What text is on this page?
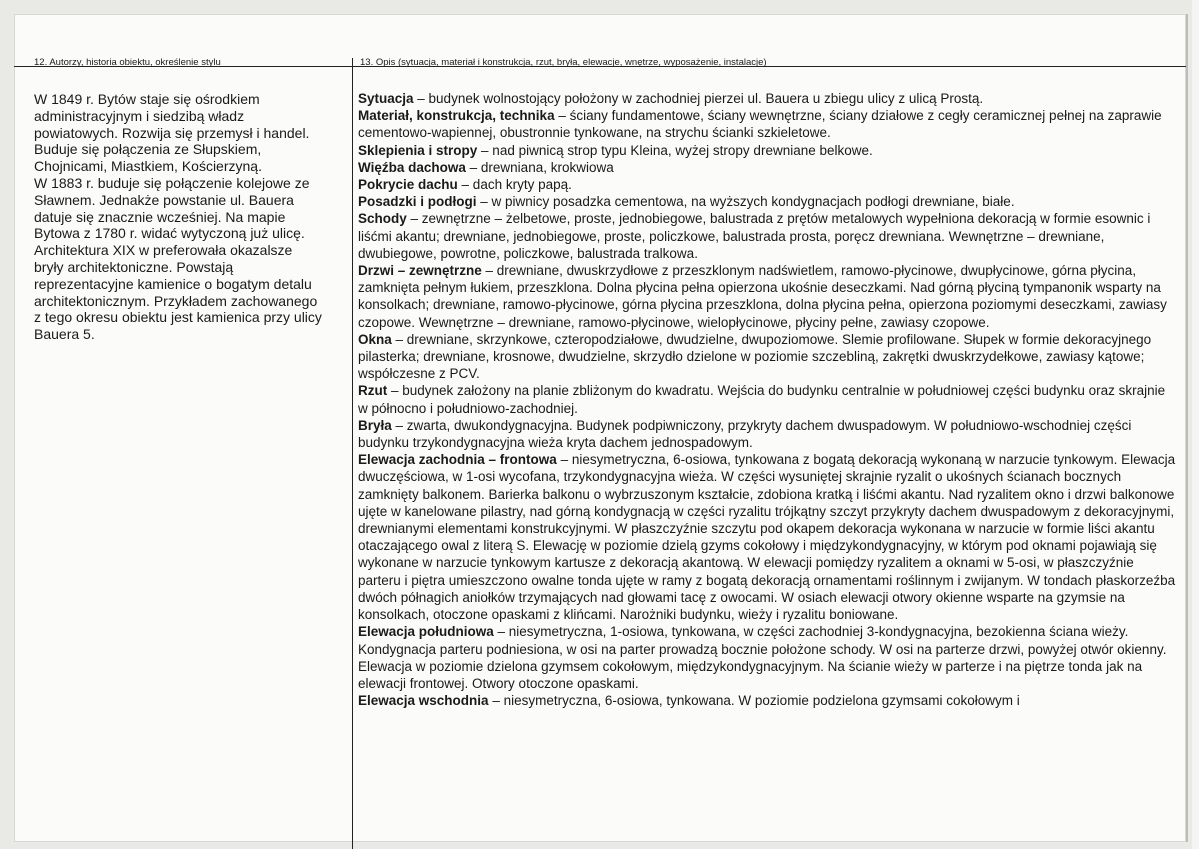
12. Autorzy, historia obiektu, określenie stylu	13. Opis (sytuacja, materiał i konstrukcja, rzut, bryła, elewacje, wnętrze, wyposażenie, instalacje)
W 1849 r. Bytów staje się ośrodkiem
administracyjnym i siedzibą władz
powiatowych. Rozwija się przemysł i handel.
Buduje się połączenia ze Słupskiem,
Chojnicami, Miastkiem, Kościerzyną.
W 1883 r. buduje się połączenie kolejowe ze
Sławnem. Jednakże powstanie ul. Bauera
datuje się znacznie wcześniej. Na mapie
Bytowa z 1780 r. widać wytyczoną już ulicę.
Architektura XIX w preferowała okazalsze
bryły architektoniczne. Powstają
reprezentacyjne kamienice o bogatym detalu
architektonicznym. Przykładem zachowanego
z tego okresu obiektu jest kamienica przy ulicy
Bauera 5.

Sytuacja – budynek wolnostojący położony w zachodniej pierzei ul. Bauera u zbiegu ulicy z ulicą Prostą.

Materiał, konstrukcja, technika – ściany fundamentowe, ściany wewnętrzne, ściany działowe z cegły ceramicznej pełnej na zaprawie cementowo-wapiennej, obustronnie tynkowane, na strychu ścianki szkieletowe.

Sklepienia i stropy – nad piwnicą strop typu Kleina, wyżej stropy drewniane belkowe.

Więźba dachowa – drewniana, krokwiowa

Pokrycie dachu – dach kryty papą.

Posadzki i podłogi – w piwnicy posadzka cementowa, na wyższych kondygnacjach podłogi drewniane, białe.

Schody – zewnętrzne – żelbetowe, proste, jednobiegowe, balustrada z prętów metalowych wypełniona dekoracją w formie esownic i liśćmi akantu; drewniane, jednobiegowe, proste, policzkowe, balustrada prosta, poręcz drewniana. Wewnętrzne – drewniane, dwubiegowe, powrotne, policzkowe, balustrada tralkowa.

Drzwi – zewnętrzne – drewniane, dwuskrzydłowe z przeszklonym nadświetlem, ramowo-płycinowe, dwupłycinowe, górna płycina, zamknięta pełnym łukiem, przeszklona. Dolna płycina pełna opierzona ukośnie deseczkami. Nad górną płyciną tympanonik wsparty na konsolkach; drewniane, ramowo-płycinowe, górna płycina przeszklona, dolna płycina pełna, opierzona poziomymi deseczkami, zawiasy czopowe. Wewnętrzne – drewniane, ramowo-płycinowe, wielopłycinowe, płyciny pełne, zawiasy czopowe.

Okna – drewniane, skrzynkowe, czteropodziałowe, dwudzielne, dwupoziomowe. Slemie profilowane. Słupek w formie dekoracyjnego pilasterka; drewniane, krosnowe, dwudzielne, skrzydło dzielone w poziomie szczebliną, zakrętki dwuskrzydełkowe, zawiasy kątowe; współczesne z PCV.

Rzut – budynek założony na planie zbliżonym do kwadratu. Wejścia do budynku centralnie w południowej części budynku oraz skrajnie w północno i południowo-zachodniej.

Bryła – zwarta, dwukondygnacyjna. Budynek podpiwniczony, przykryty dachem dwuspadowym. W południowo-wschodniej części budynku trzykondygnacyjna wieża kryta dachem jednospadowym.

Elewacja zachodnia – frontowa – niesymetryczna, 6-osiowa, tynkowana z bogatą dekoracją wykonaną w narzucie tynkowym. Elewacja dwuczęściowa, w 1-osi wycofana, trzykondygnacyjna wieża. W części wysuniętej skrajnie ryzalit o ukośnych ścianach bocznych zamknięty balkonem. Barierka balkonu o wybrzuszonym kształcie, zdobiona kratką i liśćmi akantu. Nad ryzalitem okno i drzwi balkonowe ujęte w kanelowane pilastry, nad górną kondygnacją w części ryzalitu trójkątny szczyt przykryty dachem dwuspadowym z dekoracyjnymi, drewnianymi elementami konstrukcyjnymi. W płaszczyźnie szczytu pod okapem dekoracja wykonana w narzucie w formie liści akantu otaczającego owal z literą S. Elewację w poziomie dzielą gzyms cokołowy i międzykondygnacyjny, w którym pod oknami pojawiają się wykonane w narzucie tynkowym kartusze z dekoracją akantową. W elewacji pomiędzy ryzalitem a oknami w 5-osi, w płaszczyźnie parteru i piętra umieszczono owalne tonda ujęte w ramy z bogatą dekoracją ornamentami roślinnym i zwijanym. W tondach płaskorzeźba dwóch półnagich aniołków trzymających nad głowami tacę z owocami. W osiach elewacji otwory okienne wsparte na gzymsie na konsolkach, otoczone opaskami z klińcami. Narożniki budynku, wieży i ryzalitu boniowane.

Elewacja południowa – niesymetryczna, 1-osiowa, tynkowana, w części zachodniej 3-kondygnacyjna, bezokienna ściana wieży. Kondygnacja parteru podniesiona, w osi na parter prowadzą bocznie położone schody. W osi na parterze drzwi, powyżej otwór okienny. Elewacja w poziomie dzielona gzymsem cokołowym, międzykondygnacyjnym. Na ścianie wieży w parterze i na piętrze tonda jak na elewacji frontowej. Otwory otoczone opaskami.

Elewacja wschodnia – niesymetryczna, 6-osiowa, tynkowana. W poziomie podzielona gzymsami cokołowym i
